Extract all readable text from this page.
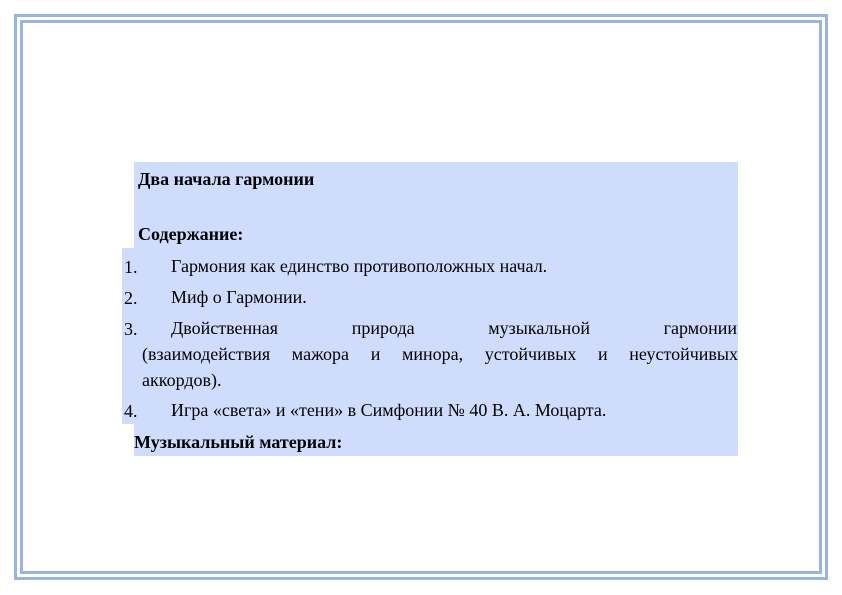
Два начала гармонии
Содержание:
1.	Гармония как единство противоположных начал.
2.	Миф о Гармонии.
3.	Двойственная природа музыкальной гармонии
(взаимодействия мажора и минора, устойчивых и неустойчивых
аккордов).
4.	Игра «света» и «тени» в Симфонии № 40 В. А. Моцарта.
Музыкальный материал:
